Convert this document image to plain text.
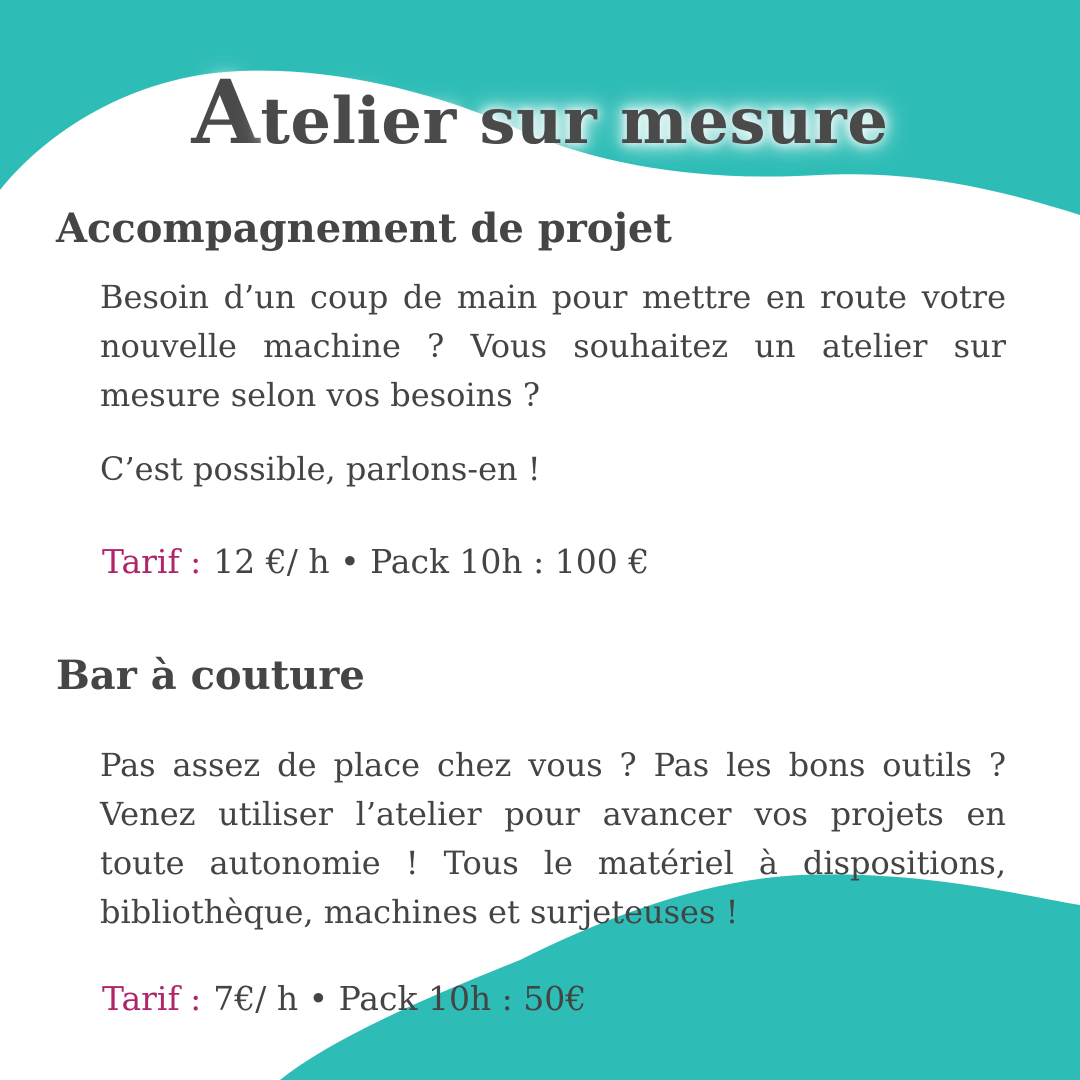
Atelier sur mesure
Accompagnement de projet
Besoin d’un coup de main pour mettre en route votre nouvelle machine ? Vous souhaitez un atelier sur mesure selon vos besoins ?
C’est possible, parlons-en !
Tarif : 12 €/ h • Pack 10h : 100 €
Bar à couture
Pas assez de place chez vous ? Pas les bons outils ? Venez utiliser l’atelier pour avancer vos projets en toute autonomie ! Tous le matériel à dispositions, bibliothèque, machines et surjeteuses !
Tarif : 7€/ h • Pack 10h : 50€
